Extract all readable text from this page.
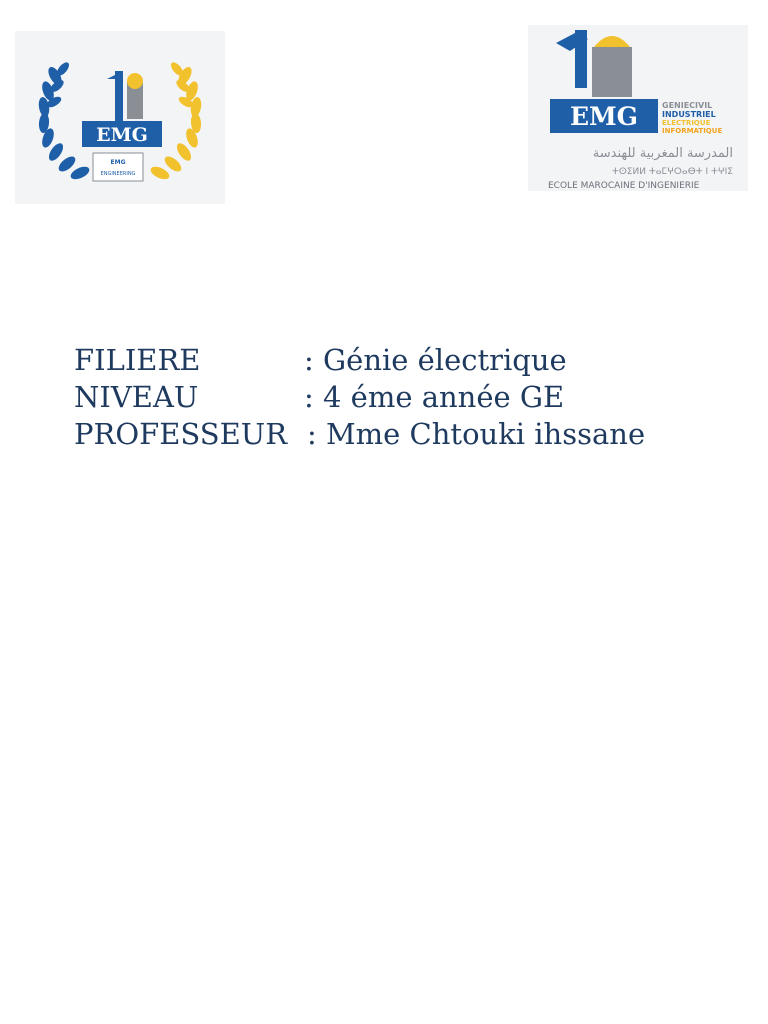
EMG
EMG
ENGINEERING
EMG	GENIECIVIL
INDUSTRIEL
ELECTRIQUE
INFORMATIQUE
المدرسة المغربية للهندسة
ⵜⵙⵉⵍⵍ ⵜⴰⵎⵖⵔⴰⴱⵜ ⵏ ⵜⵖⵏⵉ
ECOLE MAROCAINE D'INGENIERIE
FILIERE	: Génie électrique
NIVEAU	: 4 éme année GE
PROFESSEUR : Mme Chtouki ihssane
